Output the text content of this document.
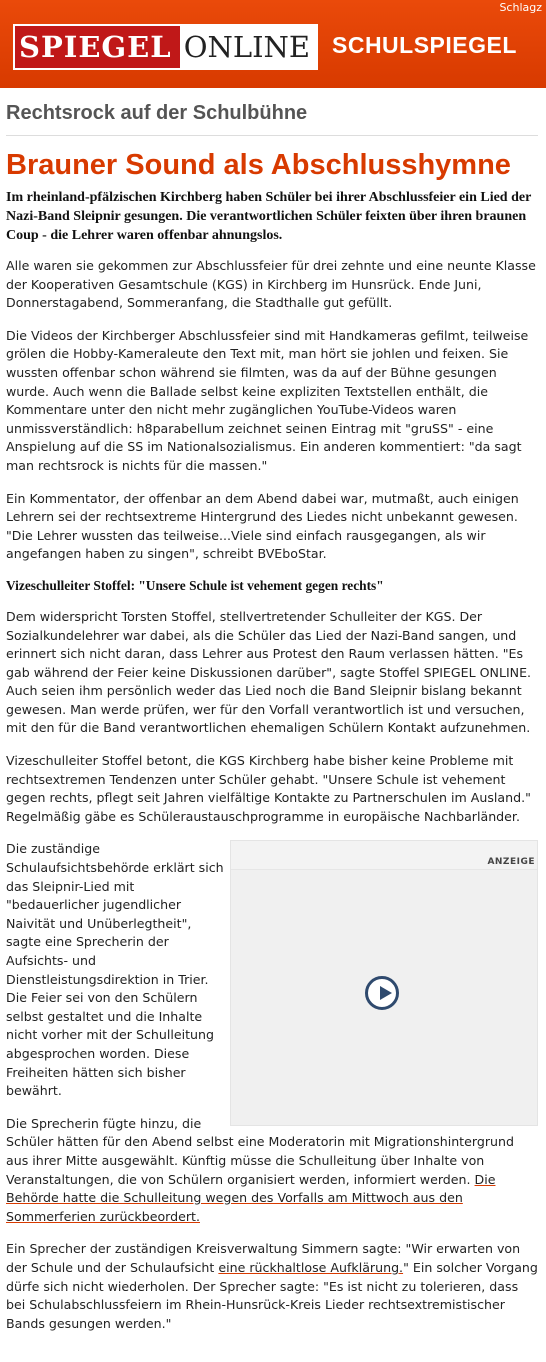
Schlagz
SPIEGEL ONLINE SCHULSPIEGEL
Rechtsrock auf der Schulbühne
Brauner Sound als Abschlusshymne
Im rheinland-pfälzischen Kirchberg haben Schüler bei ihrer Abschlussfeier ein Lied der Nazi-Band Sleipnir gesungen. Die verantwortlichen Schüler feixten über ihren braunen Coup - die Lehrer waren offenbar ahnungslos.

Alle waren sie gekommen zur Abschlussfeier für drei zehnte und eine neunte Klasse der Kooperativen Gesamtschule (KGS) in Kirchberg im Hunsrück. Ende Juni, Donnerstagabend, Sommeranfang, die Stadthalle gut gefüllt.

Die Videos der Kirchberger Abschlussfeier sind mit Handkameras gefilmt, teilweise grölen die Hobby-Kameraleute den Text mit, man hört sie johlen und feixen. Sie wussten offenbar schon während sie filmten, was da auf der Bühne gesungen wurde. Auch wenn die Ballade selbst keine expliziten Textstellen enthält, die Kommentare unter den nicht mehr zugänglichen YouTube-Videos waren unmissverständlich: h8parabellum zeichnet seinen Eintrag mit "gruSS" - eine Anspielung auf die SS im Nationalsozialismus. Ein anderen kommentiert: "da sagt man rechtsrock is nichts für die massen."

Ein Kommentator, der offenbar an dem Abend dabei war, mutmaßt, auch einigen Lehrern sei der rechtsextreme Hintergrund des Liedes nicht unbekannt gewesen. "Die Lehrer wussten das teilweise...Viele sind einfach rausgegangen, als wir angefangen haben zu singen", schreibt BVEboStar.

Vizeschulleiter Stoffel: "Unsere Schule ist vehement gegen rechts"

Dem widerspricht Torsten Stoffel, stellvertretender Schulleiter der KGS. Der Sozialkundelehrer war dabei, als die Schüler das Lied der Nazi-Band sangen, und erinnert sich nicht daran, dass Lehrer aus Protest den Raum verlassen hätten. "Es gab während der Feier keine Diskussionen darüber", sagte Stoffel SPIEGEL ONLINE. Auch seien ihm persönlich weder das Lied noch die Band Sleipnir bislang bekannt gewesen. Man werde prüfen, wer für den Vorfall verantwortlich ist und versuchen, mit den für die Band verantwortlichen ehemaligen Schülern Kontakt aufzunehmen.

Vizeschulleiter Stoffel betont, die KGS Kirchberg habe bisher keine Probleme mit rechtsextremen Tendenzen unter Schüler gehabt. "Unsere Schule ist vehement gegen rechts, pflegt seit Jahren vielfältige Kontakte zu Partnerschulen im Ausland." Regelmäßig gäbe es Schüleraustauschprogramme in europäische Nachbarländer.

ANZEIGE

Die zuständige Schulaufsichtsbehörde erklärt sich das Sleipnir-Lied mit "bedauerlicher jugendlicher Naivität und Unüberlegtheit", sagte eine Sprecherin der Aufsichts- und Dienstleistungsdirektion in Trier. Die Feier sei von den Schülern selbst gestaltet und die Inhalte nicht vorher mit der Schulleitung abgesprochen worden. Diese Freiheiten hätten sich bisher bewährt.

Die Sprecherin fügte hinzu, die Schüler hätten für den Abend selbst eine Moderatorin mit Migrationshintergrund aus ihrer Mitte ausgewählt. Künftig müsse die Schulleitung über Inhalte von Veranstaltungen, die von Schülern organisiert werden, informiert werden. Die Behörde hatte die Schulleitung wegen des Vorfalls am Mittwoch aus den Sommerferien zurückbeordert.

Ein Sprecher der zuständigen Kreisverwaltung Simmern sagte: "Wir erwarten von der Schule und der Schulaufsicht eine rückhaltlose Aufklärung." Ein solcher Vorgang dürfe sich nicht wiederholen. Der Sprecher sagte: "Es ist nicht zu tolerieren, dass bei Schulabschlussfeiern im Rhein-Hunsrück-Kreis Lieder rechtsextremistischer Bands gesungen werden."
